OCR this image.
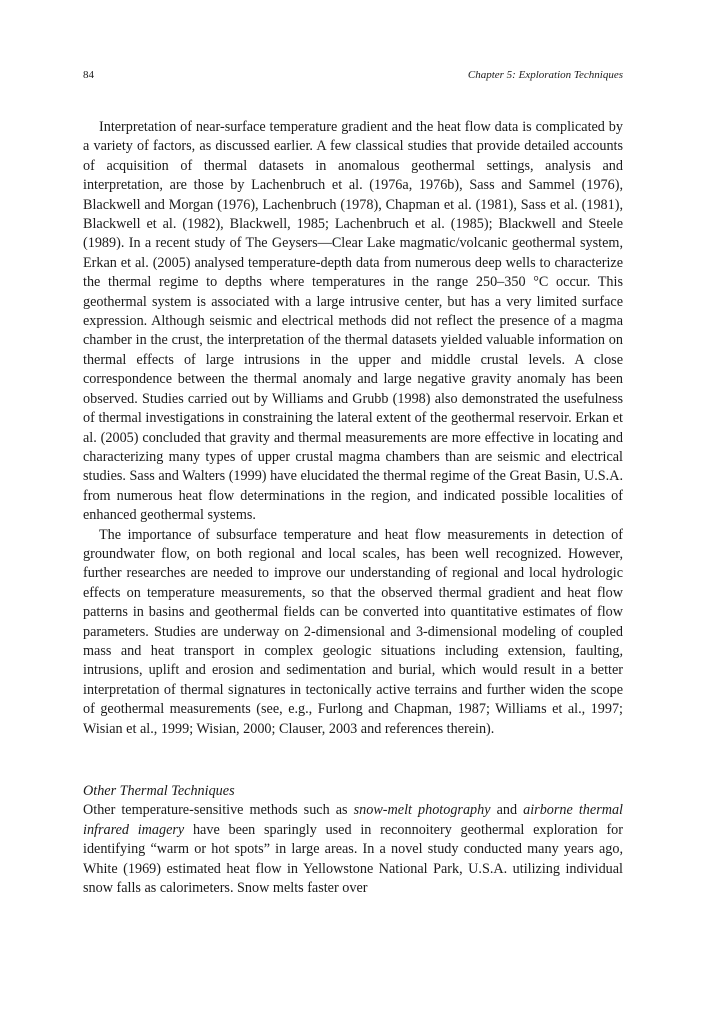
84	Chapter 5: Exploration Techniques

Interpretation of near-surface temperature gradient and the heat flow data is complicated by a variety of factors, as discussed earlier. A few classical studies that provide detailed accounts of acquisition of thermal datasets in anomalous geothermal settings, analysis and interpretation, are those by Lachenbruch et al. (1976a, 1976b), Sass and Sammel (1976), Blackwell and Morgan (1976), Lachenbruch (1978), Chapman et al. (1981), Sass et al. (1981), Blackwell et al. (1982), Blackwell, 1985; Lachenbruch et al. (1985); Blackwell and Steele (1989). In a recent study of The Geysers—Clear Lake magmatic/volcanic geothermal system, Erkan et al. (2005) analysed temperature-depth data from numerous deep wells to characterize the thermal regime to depths where temperatures in the range 250–350 °C occur. This geothermal system is associated with a large intrusive center, but has a very limited surface expression. Although seismic and electrical methods did not reflect the presence of a magma chamber in the crust, the interpretation of the thermal datasets yielded valuable information on thermal effects of large intrusions in the upper and middle crustal levels. A close correspondence between the thermal anomaly and large negative gravity anomaly has been observed. Studies carried out by Williams and Grubb (1998) also demonstrated the usefulness of thermal investigations in constraining the lateral extent of the geothermal reservoir. Erkan et al. (2005) concluded that gravity and thermal measurements are more effective in locating and characterizing many types of upper crustal magma chambers than are seismic and electrical studies. Sass and Walters (1999) have elucidated the thermal regime of the Great Basin, U.S.A. from numerous heat flow determinations in the region, and indicated possible localities of enhanced geothermal systems.

The importance of subsurface temperature and heat flow measurements in detection of groundwater flow, on both regional and local scales, has been well recognized. However, further researches are needed to improve our understanding of regional and local hydrologic effects on temperature measurements, so that the observed thermal gradient and heat flow patterns in basins and geothermal fields can be converted into quantitative estimates of flow parameters. Studies are underway on 2-dimensional and 3-dimensional modeling of coupled mass and heat transport in complex geologic situations including extension, faulting, intrusions, uplift and erosion and sedimentation and burial, which would result in a better interpretation of thermal signatures in tectonically active terrains and further widen the scope of geothermal measurements (see, e.g., Furlong and Chapman, 1987; Williams et al., 1997; Wisian et al., 1999; Wisian, 2000; Clauser, 2003 and references therein).

Other Thermal Techniques

Other temperature-sensitive methods such as snow-melt photography and airborne thermal infrared imagery have been sparingly used in reconnoitery geothermal exploration for identifying “warm or hot spots” in large areas. In a novel study conducted many years ago, White (1969) estimated heat flow in Yellowstone National Park, U.S.A. utilizing individual snow falls as calorimeters. Snow melts faster over
